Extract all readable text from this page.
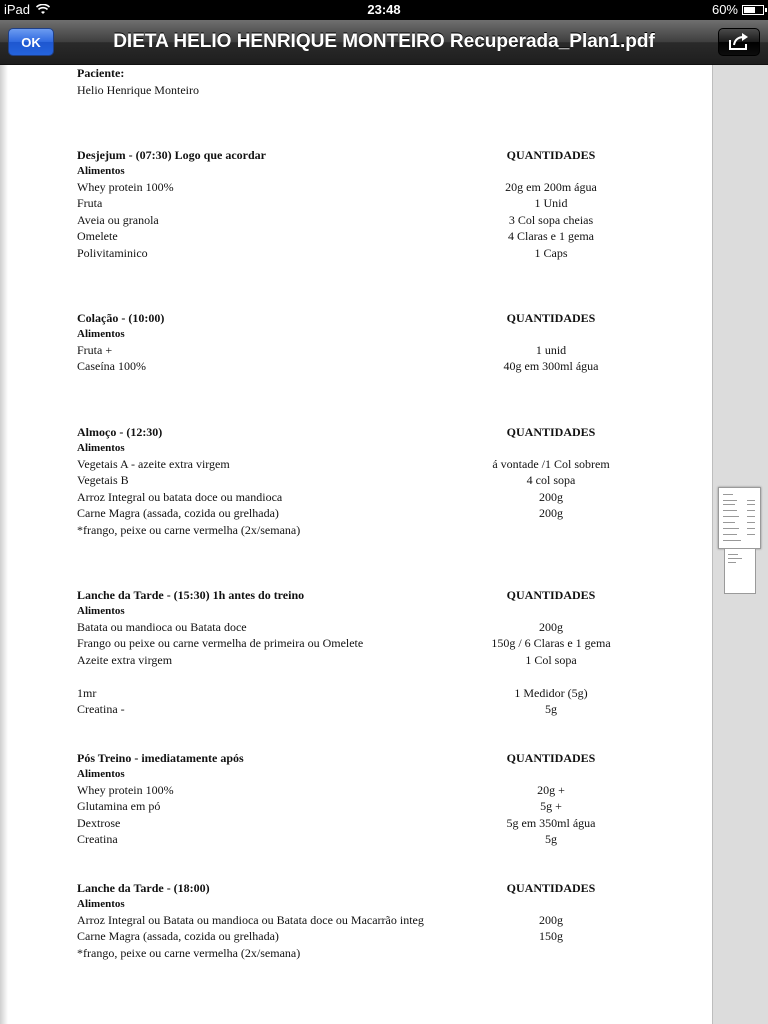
iPad	23:48	60%
OK	DIETA HELIO HENRIQUE MONTEIRO Recuperada_Plan1.pdf
Paciente:
Helio Henrique Monteiro
Desjejum - (07:30) Logo que acordar	QUANTIDADES
Alimentos
Whey protein 100%	20g em 200m água
Fruta	1 Unid
Aveia ou granola	3 Col sopa cheias
Omelete	4 Claras e 1 gema
Polivitaminico	1 Caps
Colação - (10:00)	QUANTIDADES
Alimentos
Fruta +	1 unid
Caseína 100%	40g em 300ml água
Almoço - (12:30)	QUANTIDADES
Alimentos
Vegetais A - azeite extra virgem	á vontade /1 Col sobrem
Vegetais B	4 col sopa
Arroz Integral ou batata doce ou mandioca	200g
Carne Magra (assada, cozida ou grelhada)	200g
*frango, peixe ou carne vermelha (2x/semana)
Lanche da Tarde - (15:30) 1h antes do treino	QUANTIDADES
Alimentos
Batata ou mandioca ou Batata doce	200g
Frango ou peixe ou carne vermelha de primeira ou Omelete	150g / 6 Claras e 1 gema
Azeite extra virgem	1 Col sopa
1mr	1 Medidor (5g)
Creatina -	5g
Pós Treino - imediatamente após	QUANTIDADES
Alimentos
Whey protein 100%	20g +
Glutamina em pó	5g +
Dextrose	5g em 350ml água
Creatina	5g
Lanche da Tarde - (18:00)	QUANTIDADES
Alimentos
Arroz Integral ou Batata ou mandioca ou Batata doce ou Macarrão integ	200g
Carne Magra (assada, cozida ou grelhada)	150g
*frango, peixe ou carne vermelha (2x/semana)
